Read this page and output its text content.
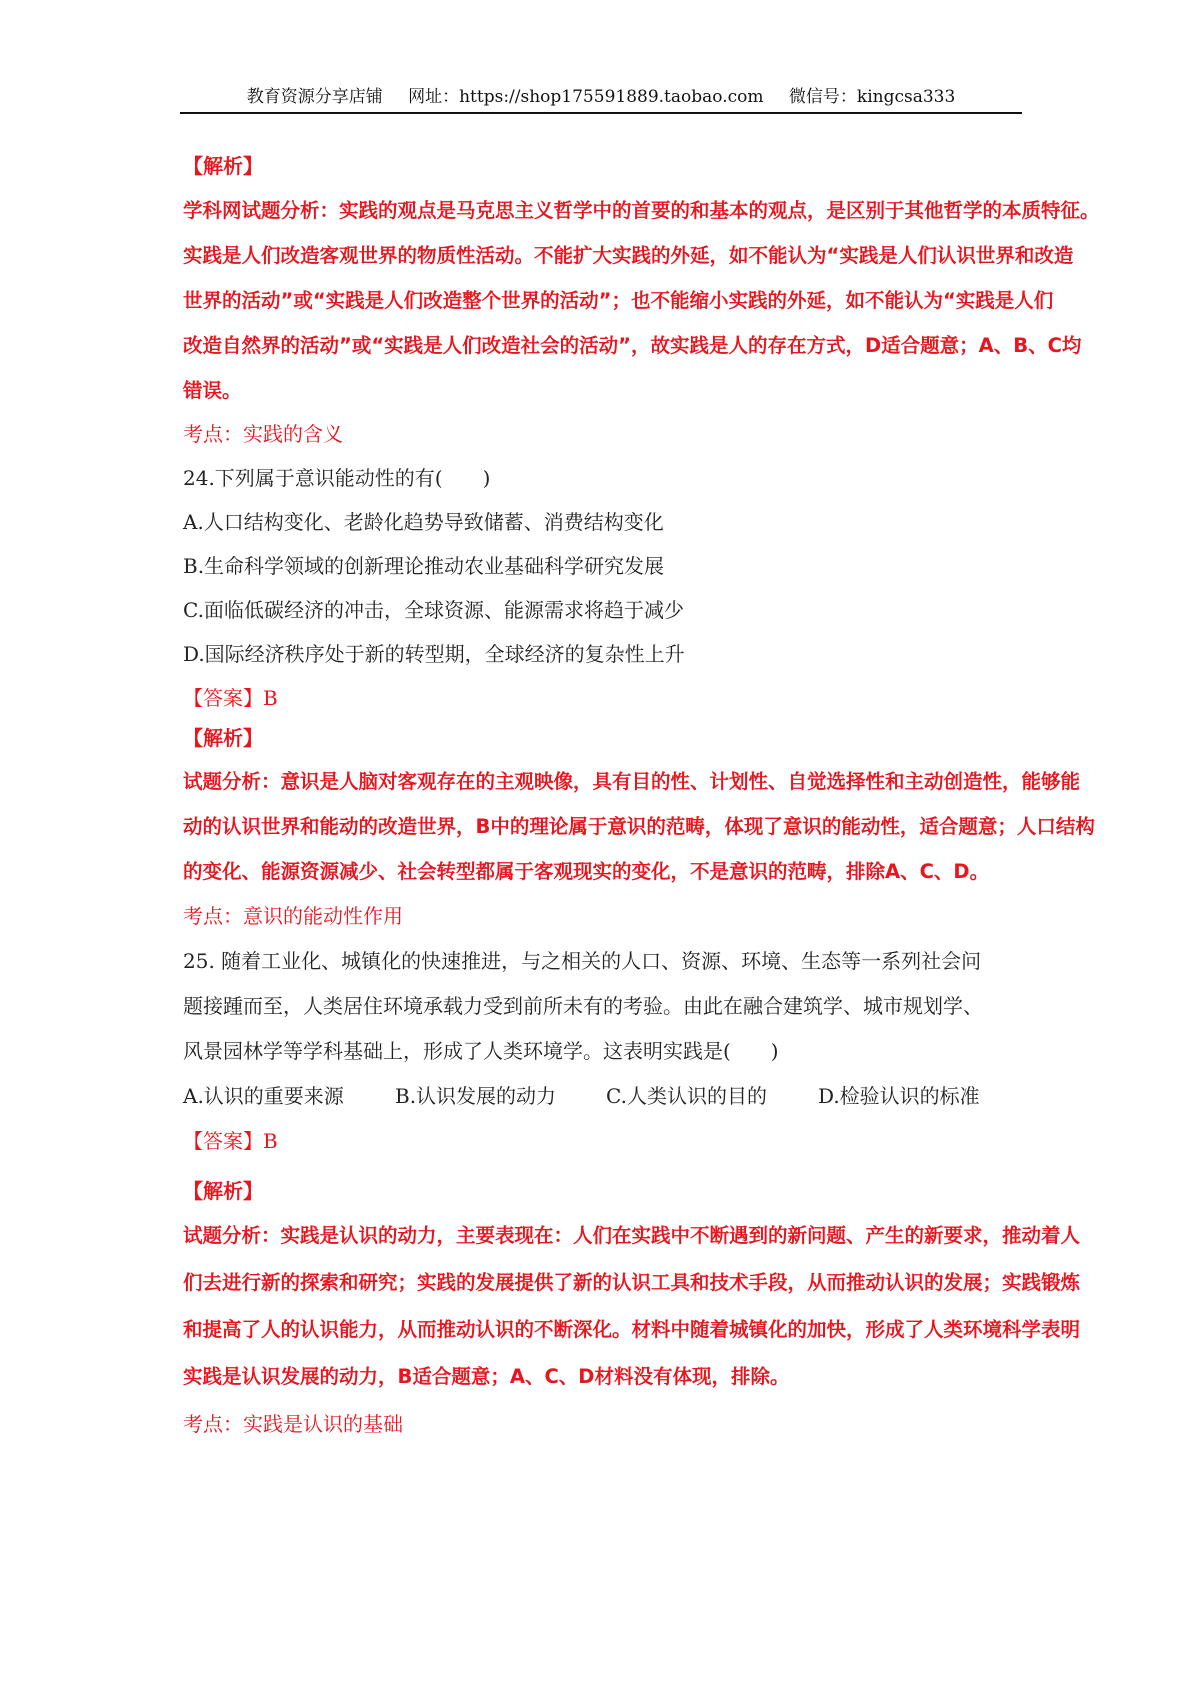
教育资源分享店铺 网址：https://shop175591889.taobao.com 微信号：kingcsa333
【解析】
学科网试题分析：实践的观点是马克思主义哲学中的首要的和基本的观点，是区别于其他哲学的本质特征。
实践是人们改造客观世界的物质性活动。不能扩大实践的外延，如不能认为“实践是人们认识世界和改造
世界的活动”或“实践是人们改造整个世界的活动”；也不能缩小实践的外延，如不能认为“实践是人们
改造自然界的活动”或“实践是人们改造社会的活动”，故实践是人的存在方式，D适合题意；A、B、C均
错误。
考点：实践的含义
24.下列属于意识能动性的有(　　)
A.人口结构变化、老龄化趋势导致储蓄、消费结构变化
B.生命科学领域的创新理论推动农业基础科学研究发展
C.面临低碳经济的冲击，全球资源、能源需求将趋于减少
D.国际经济秩序处于新的转型期，全球经济的复杂性上升
【答案】B
【解析】
试题分析：意识是人脑对客观存在的主观映像，具有目的性、计划性、自觉选择性和主动创造性，能够能
动的认识世界和能动的改造世界，B中的理论属于意识的范畴，体现了意识的能动性，适合题意；人口结构
的变化、能源资源减少、社会转型都属于客观现实的变化，不是意识的范畴，排除A、C、D。
考点：意识的能动性作用
25. 随着工业化、城镇化的快速推进，与之相关的人口、资源、环境、生态等一系列社会问
题接踵而至，人类居住环境承载力受到前所未有的考验。由此在融合建筑学、城市规划学、
风景园林学等学科基础上，形成了人类环境学。这表明实践是(　　)
A.认识的重要来源	B.认识发展的动力 C.人类认识的目的	D.检验认识的标准
【答案】B
【解析】
试题分析：实践是认识的动力，主要表现在：人们在实践中不断遇到的新问题、产生的新要求，推动着人
们去进行新的探索和研究；实践的发展提供了新的认识工具和技术手段，从而推动认识的发展；实践锻炼
和提高了人的认识能力，从而推动认识的不断深化。材料中随着城镇化的加快，形成了人类环境科学表明
实践是认识发展的动力，B适合题意；A、C、D材料没有体现，排除。
考点：实践是认识的基础
